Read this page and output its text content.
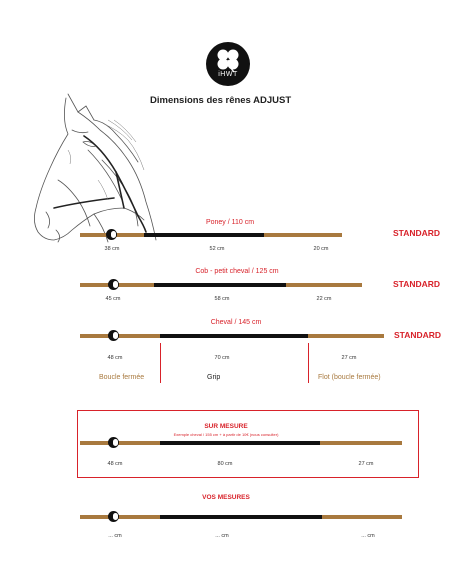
iHWT
Dimensions des rênes ADJUST
Poney / 110 cm
38 cm	52 cm	20 cm
STANDARD
Cob - petit cheval / 125 cm
45 cm	58 cm	22 cm
STANDARD
Cheval / 145 cm
STANDARD
48 cm	70 cm	27 cm
Boucle fermée	Grip	Flot (boucle fermée)
SUR MESURE
Exemple cheval / 155 cm + à partir de 10€ (nous consulter)
48 cm	80 cm	27 cm
VOS MESURES
... cm	... cm	... cm
